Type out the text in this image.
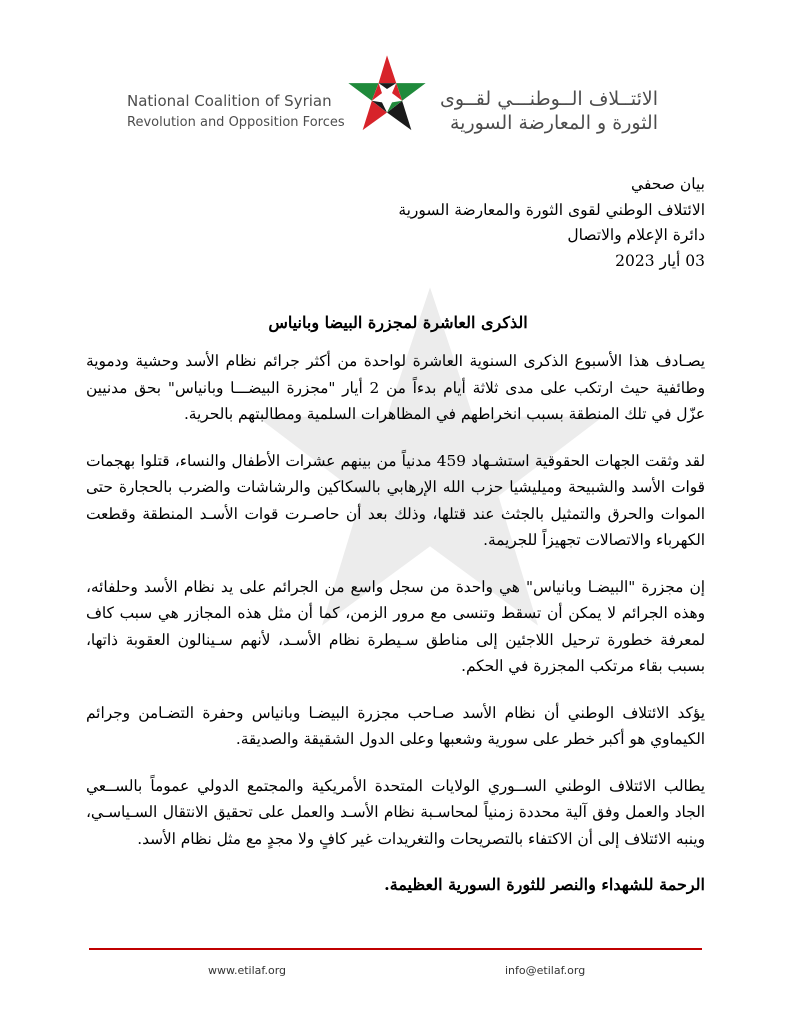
National Coalition of Syrian
Revolution and Opposition Forces
الائتــلاف الــوطنـــي لقــوى
الثورة و المعارضة السورية
بيان صحفي
الائتلاف الوطني لقوى الثورة والمعارضة السورية
دائرة الإعلام والاتصال
03 أيار 2023
الذكرى العاشرة لمجزرة البيضا وبانياس

يصـادف هذا الأسبوع الذكرى السنوية العاشرة لواحدة من أكثر جرائم نظام الأسد وحشية ودموية وطائفية حيث ارتكب على مدى ثلاثة أيام بدءاً من 2 أيار "مجزرة البيضـــا وبانياس" بحق مدنيين عزّل في تلك المنطقة بسبب انخراطهم في المظاهرات السلمية ومطالبتهم بالحرية.

لقد وثقت الجهات الحقوقية استشـهاد 459 مدنياً من بينهم عشرات الأطفال والنساء، قتلوا بهجمات قوات الأسد والشبيحة وميليشيا حزب الله الإرهابي بالسكاكين والرشاشات والضرب بالحجارة حتى الموات والحرق والتمثيل بالجثث عند قتلها، وذلك بعد أن حاصـرت قوات الأسـد المنطقة وقطعت الكهرباء والاتصالات تجهيزاً للجريمة.

إن مجزرة "البيضـا وبانياس" هي واحدة من سجل واسع من الجرائم على يد نظام الأسد وحلفائه، وهذه الجرائم لا يمكن أن تسقط وتنسى مع مرور الزمن، كما أن مثل هذه المجازر هي سبب كاف لمعرفة خطورة ترحيل اللاجئين إلى مناطق سـيطرة نظام الأسـد، لأنهم سـينالون العقوبة ذاتها، بسبب بقاء مرتكب المجزرة في الحكم.

يؤكد الائتلاف الوطني أن نظام الأسد صـاحب مجزرة البيضـا وبانياس وحفرة التضـامن وجرائم الكيماوي هو أكبر خطر على سورية وشعبها وعلى الدول الشقيقة والصديقة.

يطالب الائتلاف الوطني الســوري الولايات المتحدة الأمريكية والمجتمع الدولي عموماً بالســعي الجاد والعمل وفق آلية محددة زمنياً لمحاسـبة نظام الأسـد والعمل على تحقيق الانتقال السـياسـي، وينبه الائتلاف إلى أن الاكتفاء بالتصريحات والتغريدات غير كافٍ ولا مجدٍ مع مثل نظام الأسد.

الرحمة للشهداء والنصر للثورة السورية العظيمة.
www.etilaf.org	info@etilaf.org
